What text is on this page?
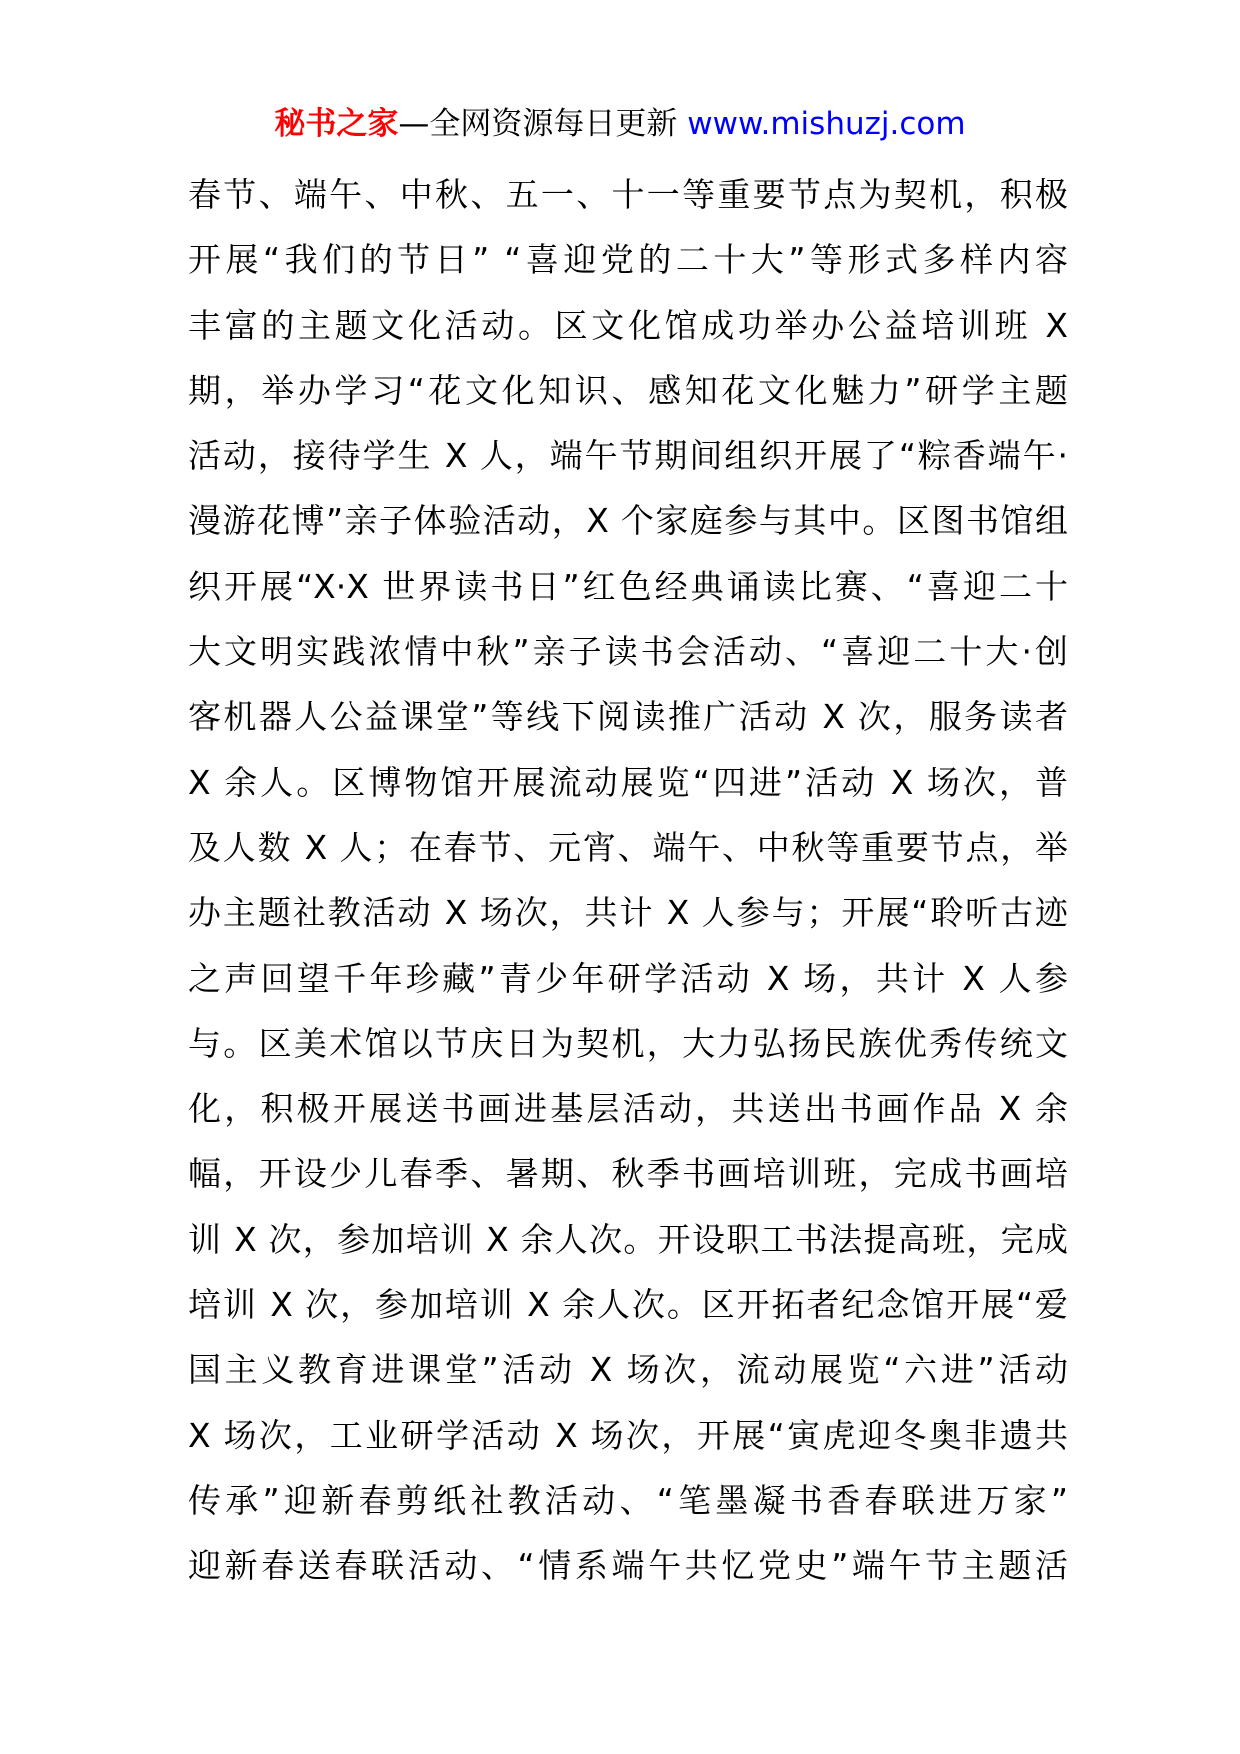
秘书之家—全网资源每日更新 www.mishuzj.com
春节、端午、中秋、五一、十一等重要节点为契机，积极
开展“我们的节日” “喜迎党的二十大”等形式多样内容
丰富的主题文化活动。区文化馆成功举办公益培训班 X
期，举办学习“花文化知识、感知花文化魅力”研学主题
活动，接待学生 X 人，端午节期间组织开展了“粽香端午·
漫游花博”亲子体验活动，X 个家庭参与其中。区图书馆组
织开展“X·X 世界读书日”红色经典诵读比赛、“喜迎二十
大文明实践浓情中秋”亲子读书会活动、“喜迎二十大·创
客机器人公益课堂”等线下阅读推广活动 X 次，服务读者
X 余人。区博物馆开展流动展览“四进”活动 X 场次，普
及人数 X 人；在春节、元宵、端午、中秋等重要节点，举
办主题社教活动 X 场次，共计 X 人参与；开展“聆听古迹
之声回望千年珍藏”青少年研学活动 X 场，共计 X 人参
与。区美术馆以节庆日为契机，大力弘扬民族优秀传统文
化，积极开展送书画进基层活动，共送出书画作品 X 余
幅，开设少儿春季、暑期、秋季书画培训班，完成书画培
训 X 次，参加培训 X 余人次。开设职工书法提高班，完成
培训 X 次，参加培训 X 余人次。区开拓者纪念馆开展“爱
国主义教育进课堂”活动 X 场次，流动展览“六进”活动
X 场次，工业研学活动 X 场次，开展“寅虎迎冬奥非遗共
传承”迎新春剪纸社教活动、“笔墨凝书香春联进万家”
迎新春送春联活动、“情系端午共忆党史”端午节主题活
